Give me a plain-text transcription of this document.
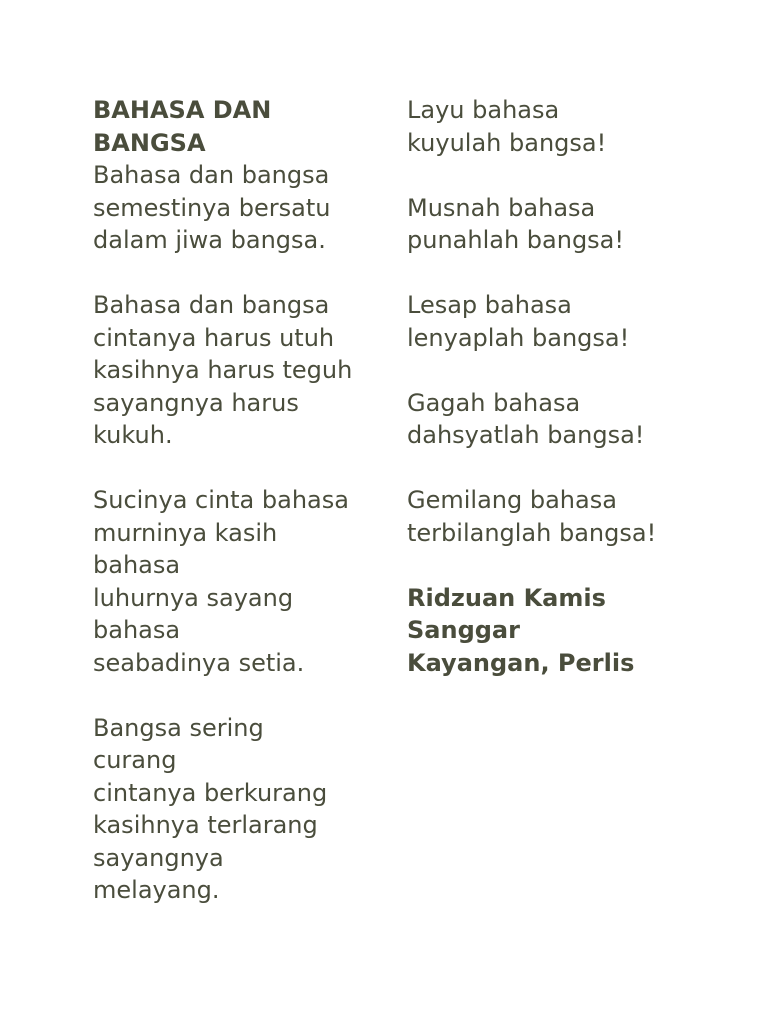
BAHASA DAN
BANGSA
Bahasa dan bangsa
semestinya bersatu
dalam jiwa bangsa.
Bahasa dan bangsa
cintanya harus utuh
kasihnya harus teguh
sayangnya harus
kukuh.
Sucinya cinta bahasa
murninya kasih
bahasa
luhurnya sayang
bahasa
seabadinya setia.
Bangsa sering
curang
cintanya berkurang
kasihnya terlarang
sayangnya
melayang.
Layu bahasa
kuyulah bangsa!
Musnah bahasa
punahlah bangsa!
Lesap bahasa
lenyaplah bangsa!
Gagah bahasa
dahsyatlah bangsa!
Gemilang bahasa
terbilanglah bangsa!
Ridzuan Kamis
Sanggar
Kayangan, Perlis
